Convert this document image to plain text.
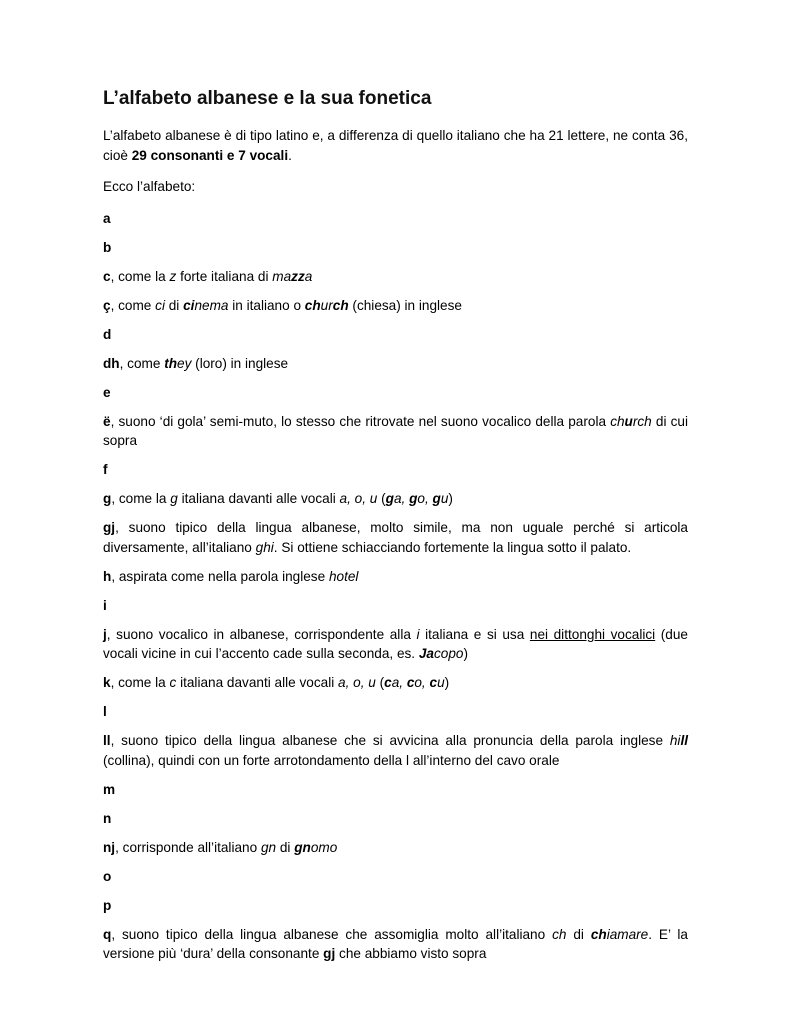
L’alfabeto albanese e la sua fonetica

L’alfabeto albanese è di tipo latino e, a differenza di quello italiano che ha 21 lettere, ne conta 36, cioè 29 consonanti e 7 vocali.

Ecco l’alfabeto:

a

b

c, come la z forte italiana di mazza

ç, come ci di cinema in italiano o church (chiesa) in inglese

d

dh, come they (loro) in inglese

e

ë, suono ‘di gola’ semi-muto, lo stesso che ritrovate nel suono vocalico della parola church di cui sopra

f

g, come la g italiana davanti alle vocali a, o, u (ga, go, gu)

gj, suono tipico della lingua albanese, molto simile, ma non uguale perché si articola diversamente, all’italiano ghi. Si ottiene schiacciando fortemente la lingua sotto il palato.

h, aspirata come nella parola inglese hotel

i

j, suono vocalico in albanese, corrispondente alla i italiana e si usa nei dittonghi vocalici (due vocali vicine in cui l’accento cade sulla seconda, es. Jacopo)

k, come la c italiana davanti alle vocali a, o, u (ca, co, cu)

l

ll, suono tipico della lingua albanese che si avvicina alla pronuncia della parola inglese hill (collina), quindi con un forte arrotondamento della l all’interno del cavo orale

m

n

nj, corrisponde all’italiano gn di gnomo

o

p

q, suono tipico della lingua albanese che assomiglia molto all’italiano ch di chiamare. E’ la versione più ‘dura’ della consonante gj che abbiamo visto sopra
